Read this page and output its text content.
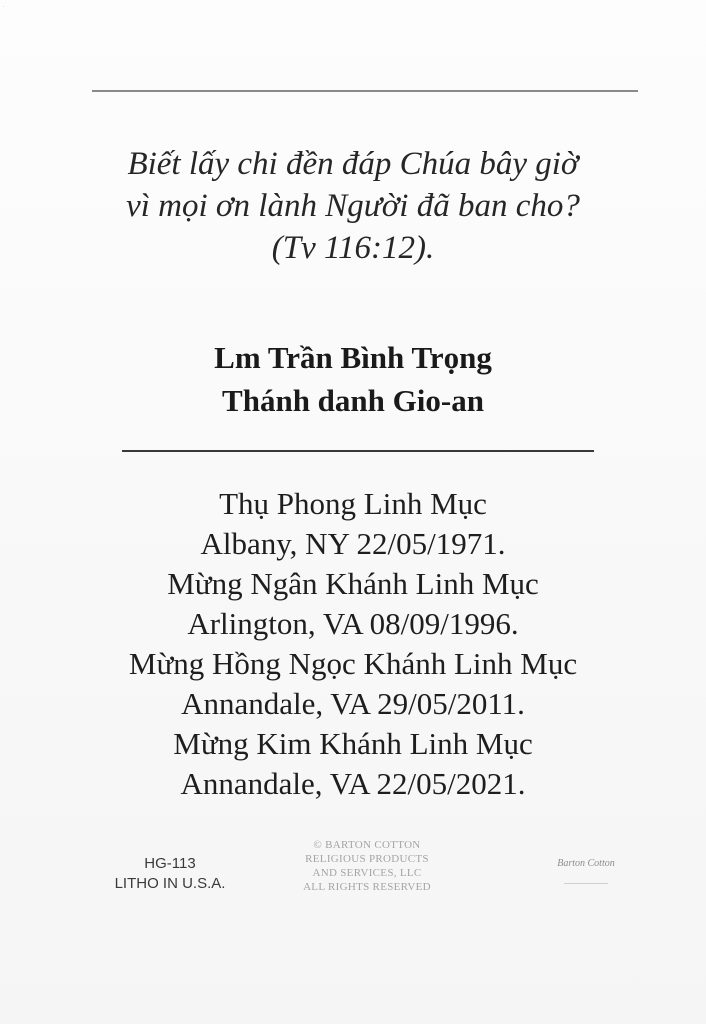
·
Biết lấy chi đền đáp Chúa bây giờ
vì mọi ơn lành Người đã ban cho?
(Tv 116:12).
Lm Trần Bình Trọng
Thánh danh Gio-an
Thụ Phong Linh Mục
Albany, NY 22/05/1971.
Mừng Ngân Khánh Linh Mục
Arlington, VA 08/09/1996.
Mừng Hồng Ngọc Khánh Linh Mục
Annandale, VA 29/05/2011.
Mừng Kim Khánh Linh Mục
Annandale, VA 22/05/2021.
HG-113
LITHO IN U.S.A.
© BARTON COTTON
RELIGIOUS PRODUCTS
AND SERVICES, LLC
ALL RIGHTS RESERVED
Barton Cotton
